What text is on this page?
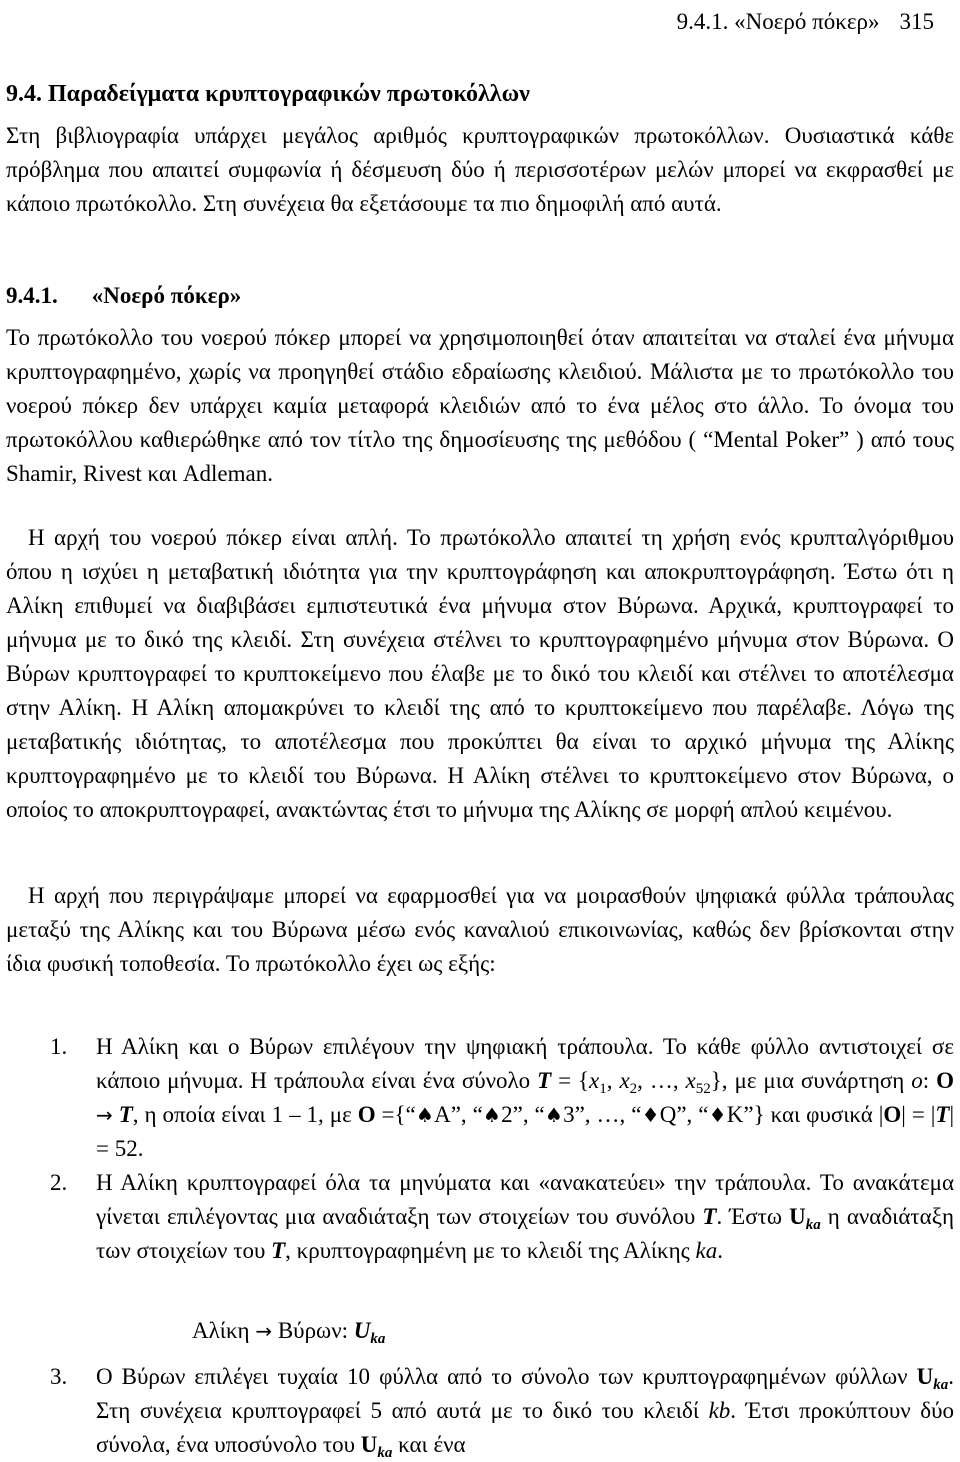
9.4.1. «Νοερό πόκερ» 315
9.4. Παραδείγματα κρυπτογραφικών πρωτοκόλλων

Στη βιβλιογραφία υπάρχει μεγάλος αριθμός κρυπτογραφικών πρωτοκόλλων. Ουσιαστικά κάθε πρόβλημα που απαιτεί συμφωνία ή δέσμευση δύο ή περισσοτέρων μελών μπορεί να εκφρασθεί με κάποιο πρωτόκολλο. Στη συνέχεια θα εξετάσουμε τα πιο δημοφιλή από αυτά.

9.4.1. «Νοερό πόκερ»

Το πρωτόκολλο του νοερού πόκερ μπορεί να χρησιμοποιηθεί όταν απαιτείται να σταλεί ένα μήνυμα κρυπτογραφημένο, χωρίς να προηγηθεί στάδιο εδραίωσης κλειδιού. Μάλιστα με το πρωτόκολλο του νοερού πόκερ δεν υπάρχει καμία μεταφορά κλειδιών από το ένα μέλος στο άλλο. Το όνομα του πρωτοκόλλου καθιερώθηκε από τον τίτλο της δημοσίευσης της μεθόδου ( “Mental Poker” ) από τους Shamir, Rivest και Adleman.

Η αρχή του νοερού πόκερ είναι απλή. Το πρωτόκολλο απαιτεί τη χρήση ενός κρυπταλγόριθμου όπου η ισχύει η μεταβατική ιδιότητα για την κρυπτογράφηση και αποκρυπτογράφηση. Έστω ότι η Αλίκη επιθυμεί να διαβιβάσει εμπιστευτικά ένα μήνυμα στον Βύρωνα. Αρχικά, κρυπτογραφεί το μήνυμα με το δικό της κλειδί. Στη συνέχεια στέλνει το κρυπτογραφημένο μήνυμα στον Βύρωνα. Ο Βύρων κρυπτογραφεί το κρυπτοκείμενο που έλαβε με το δικό του κλειδί και στέλνει το αποτέλεσμα στην Αλίκη. Η Αλίκη απομακρύνει το κλειδί της από το κρυπτοκείμενο που παρέλαβε. Λόγω της μεταβατικής ιδιότητας, το αποτέλεσμα που προκύπτει θα είναι το αρχικό μήνυμα της Αλίκης κρυπτογραφημένο με το κλειδί του Βύρωνα. Η Αλίκη στέλνει το κρυπτοκείμενο στον Βύρωνα, ο οποίος το αποκρυπτογραφεί, ανακτώντας έτσι το μήνυμα της Αλίκης σε μορφή απλού κειμένου.

Η αρχή που περιγράψαμε μπορεί να εφαρμοσθεί για να μοιρασθούν ψηφιακά φύλλα τράπουλας μεταξύ της Αλίκης και του Βύρωνα μέσω ενός καναλιού επικοινωνίας, καθώς δεν βρίσκονται στην ίδια φυσική τοποθεσία. Το πρωτόκολλο έχει ως εξής:

1. Η Αλίκη και ο Βύρων επιλέγουν την ψηφιακή τράπουλα. Το κάθε φύλλο αντιστοιχεί σε κάποιο μήνυμα. Η τράπουλα είναι ένα σύνολο $T = \{x_1$, $x_2$, …, $x_{52}$}, με μια συνάρτηση o: O → T, η οποία είναι 1 – 1, με O ={“♠A”, “♠2”, “♠3”, …, “♦Q”, “♦K”} και φυσικά |O| = |T| = 52.
2. Η Αλίκη κρυπτογραφεί όλα τα μηνύματα και «ανακατεύει» την τράπουλα. Το ανακάτεμα γίνεται επιλέγοντας μια αναδιάταξη των στοιχείων του συνόλου T. Έστω $U_{ka}$ η αναδιάταξη των στοιχείων του T, κρυπτογραφημένη με το κλειδί της Αλίκης ka.
Αλίκη → Βύρων: $U_{ka}$
3. Ο Βύρων επιλέγει τυχαία 10 φύλλα από το σύνολο των κρυπτογραφημένων φύλλων $U_{ka}$. Στη συνέχεια κρυπτογραφεί 5 από αυτά με το δικό του κλειδί kb. Έτσι προκύπτουν δύο σύνολα, ένα υποσύνολο του $U_{ka}$ και ένα
